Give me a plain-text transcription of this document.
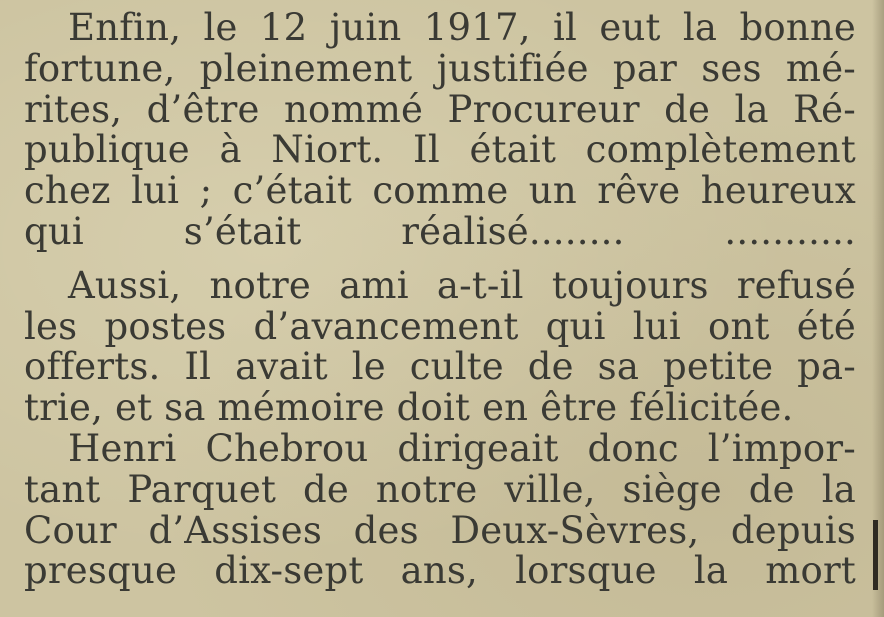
Enfin, le 12 juin 1917, il eut la bonne
fortune, pleinement justifiée par ses mé-
rites, d’être nommé Procureur de la Ré-
publique à Niort. Il était complètement
chez lui ; c’était comme un rêve heureux
qui s’était réalisé........ ...........
Aussi, notre ami a-t-il toujours refusé
les postes d’avancement qui lui ont été
offerts. Il avait le culte de sa petite pa-
trie, et sa mémoire doit en être félicitée.
Henri Chebrou dirigeait donc l’impor-
tant Parquet de notre ville, siège de la
Cour d’Assises des Deux-Sèvres, depuis
presque dix-sept ans, lorsque la mort
